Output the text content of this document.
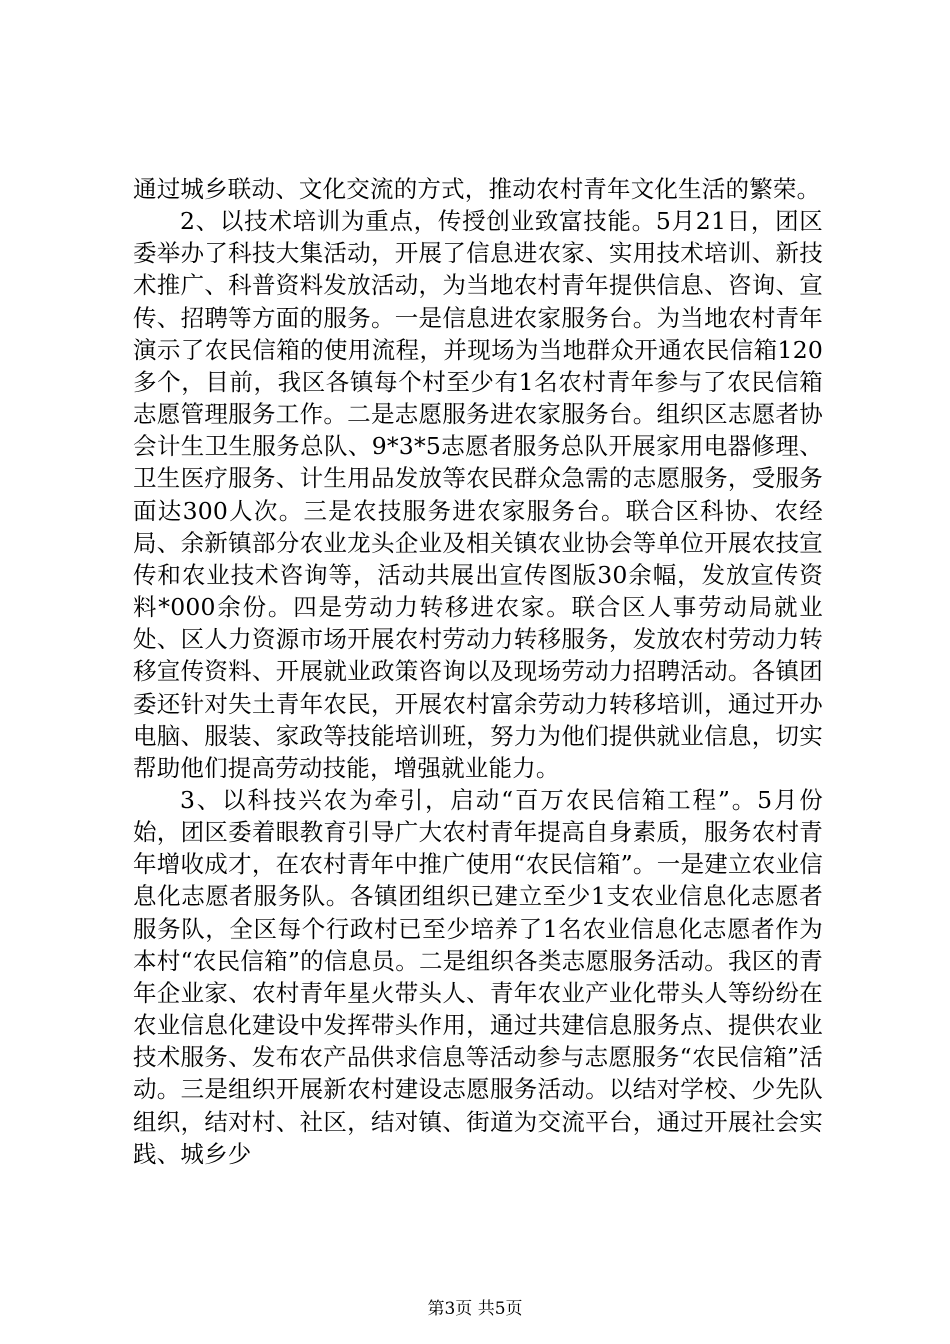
通过城乡联动、文化交流的方式，推动农村青年文化生活的繁荣。

2、以技术培训为重点，传授创业致富技能。5月21日，团区委举办了科技大集活动，开展了信息进农家、实用技术培训、新技术推广、科普资料发放活动，为当地农村青年提供信息、咨询、宣传、招聘等方面的服务。一是信息进农家服务台。为当地农村青年演示了农民信箱的使用流程，并现场为当地群众开通农民信箱120多个，目前，我区各镇每个村至少有1名农村青年参与了农民信箱志愿管理服务工作。二是志愿服务进农家服务台。组织区志愿者协会计生卫生服务总队、9*3*5志愿者服务总队开展家用电器修理、卫生医疗服务、计生用品发放等农民群众急需的志愿服务，受服务面达300人次。三是农技服务进农家服务台。联合区科协、农经局、余新镇部分农业龙头企业及相关镇农业协会等单位开展农技宣传和农业技术咨询等，活动共展出宣传图版30余幅，发放宣传资料*000余份。四是劳动力转移进农家。联合区人事劳动局就业处、区人力资源市场开展农村劳动力转移服务，发放农村劳动力转移宣传资料、开展就业政策咨询以及现场劳动力招聘活动。各镇团委还针对失土青年农民，开展农村富余劳动力转移培训，通过开办电脑、服装、家政等技能培训班，努力为他们提供就业信息，切实帮助他们提高劳动技能，增强就业能力。

3、以科技兴农为牵引，启动“百万农民信箱工程”。5月份始，团区委着眼教育引导广大农村青年提高自身素质，服务农村青年增收成才，在农村青年中推广使用“农民信箱”。一是建立农业信息化志愿者服务队。各镇团组织已建立至少1支农业信息化志愿者服务队，全区每个行政村已至少培养了1名农业信息化志愿者作为本村“农民信箱”的信息员。二是组织各类志愿服务活动。我区的青年企业家、农村青年星火带头人、青年农业产业化带头人等纷纷在农业信息化建设中发挥带头作用，通过共建信息服务点、提供农业技术服务、发布农产品供求信息等活动参与志愿服务“农民信箱”活动。三是组织开展新农村建设志愿服务活动。以结对学校、少先队组织，结对村、社区，结对镇、街道为交流平台，通过开展社会实践、城乡少

第3页 共5页
